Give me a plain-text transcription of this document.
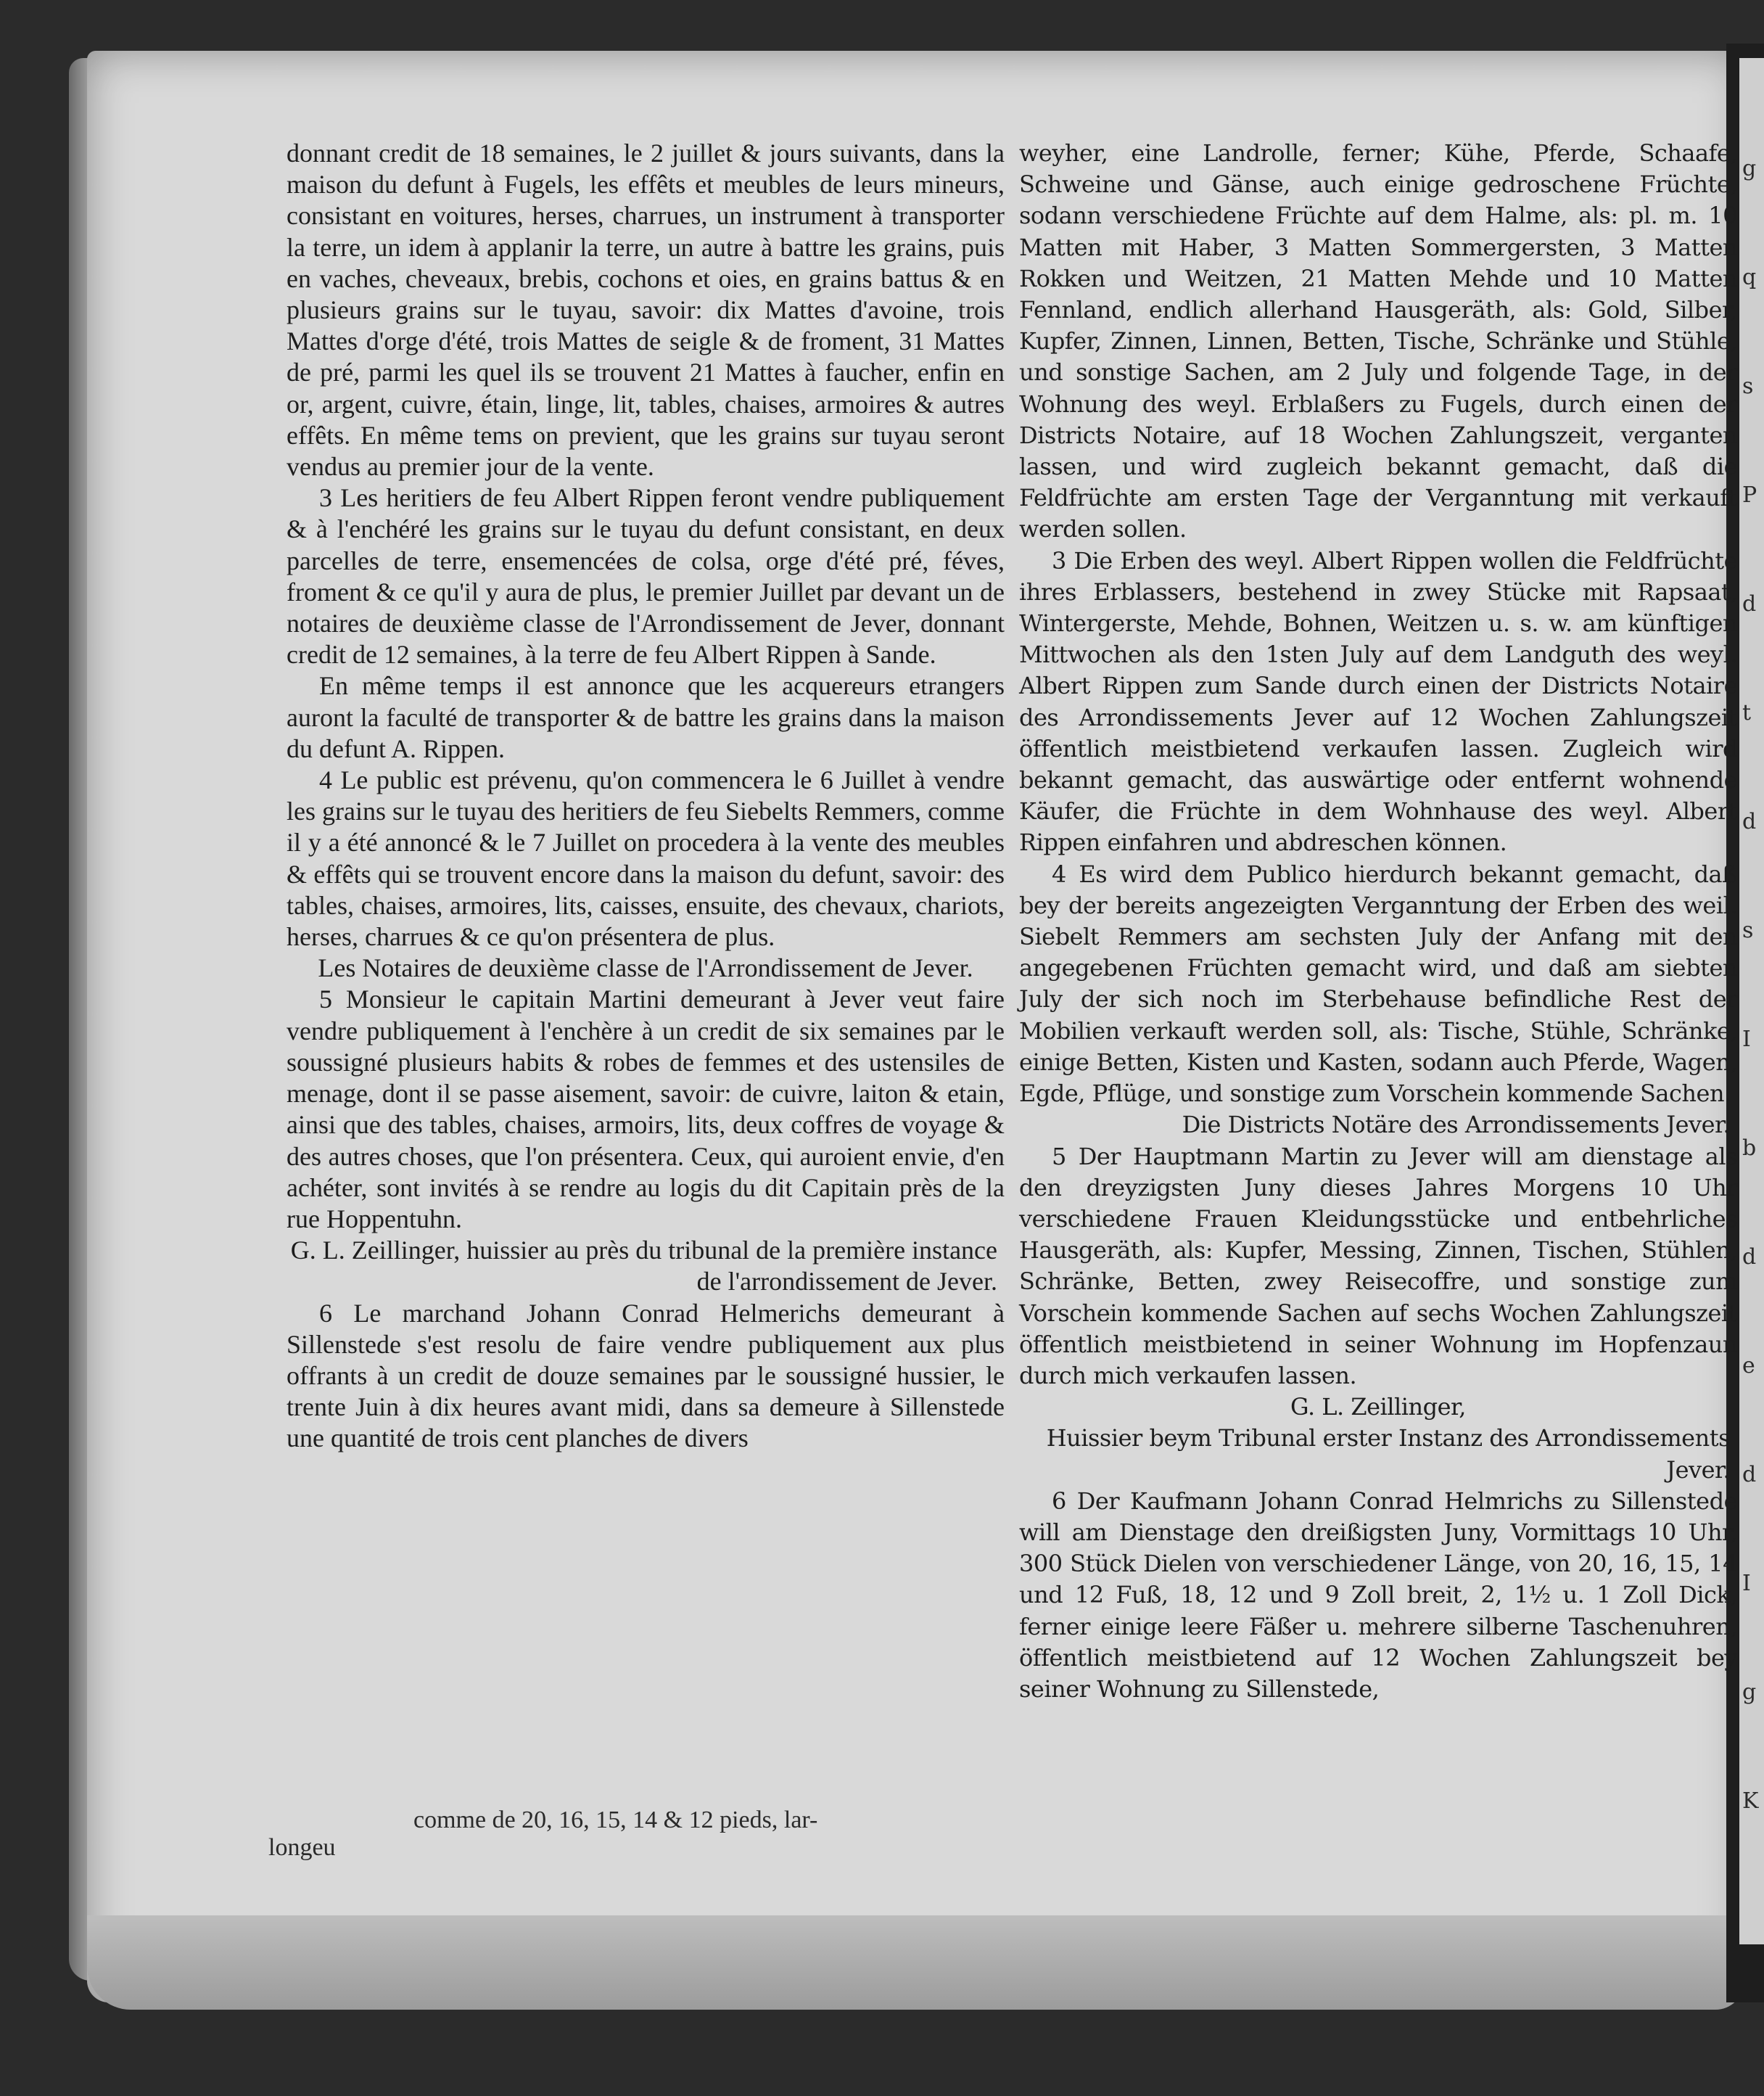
donnant credit de 18 semaines, le 2 juillet & jours suivants, dans la maison du defunt à Fugels, les effêts et meubles de leurs mineurs, consistant en voitures, herses, charrues, un instrument à transporter la terre, un idem à applanir la terre, un autre à battre les grains, puis en vaches, cheveaux, brebis, cochons et oies, en grains battus & en plusieurs grains sur le tuyau, savoir: dix Mattes d'avoine, trois Mattes d'orge d'été, trois Mattes de seigle & de froment, 31 Mattes de pré, parmi les quel ils se trouvent 21 Mattes à faucher, enfin en or, argent, cuivre, étain, linge, lit, tables, chaises, armoires & autres effêts. En même tems on previent, que les grains sur tuyau seront vendus au premier jour de la vente.

3 Les heritiers de feu Albert Rippen feront vendre publiquement & à l'enchéré les grains sur le tuyau du defunt consistant, en deux parcelles de terre, ensemencées de colsa, orge d'été pré, féves, froment & ce qu'il y aura de plus, le premier Juillet par devant un de notaires de deuxième classe de l'Arrondissement de Jever, donnant credit de 12 semaines, à la terre de feu Albert Rippen à Sande.

En même temps il est annonce que les acquereurs etrangers auront la faculté de transporter & de battre les grains dans la maison du defunt A. Rippen.

4 Le public est prévenu, qu'on commencera le 6 Juillet à vendre les grains sur le tuyau des heritiers de feu Siebelts Remmers, comme il y a été annoncé & le 7 Juillet on procedera à la vente des meubles & effêts qui se trouvent encore dans la maison du defunt, savoir: des tables, chaises, armoires, lits, caisses, ensuite, des chevaux, chariots, herses, charrues & ce qu'on présentera de plus.

Les Notaires de deuxième classe de l'Arrondissement de Jever.

5 Monsieur le capitain Martini demeurant à Jever veut faire vendre publiquement à l'enchère à un credit de six semaines par le soussigné plusieurs habits & robes de femmes et des ustensiles de menage, dont il se passe aisement, savoir: de cuivre, laiton & etain, ainsi que des tables, chaises, armoirs, lits, deux coffres de voyage & des autres choses, que l'on présentera. Ceux, qui auroient envie, d'en achéter, sont invités à se rendre au logis du dit Capitain près de la rue Hoppentuhn.

G. L. Zeillinger, huissier au près du tribunal de la première instance de l'arrondissement de Jever.

6 Le marchand Johann Conrad Helmerichs demeurant à Sillenstede s'est resolu de faire vendre publiquement aux plus offrants à un credit de douze semaines par le soussigné hussier, le trente Juin à dix heures avant midi, dans sa demeure à Sillenstede une quantité de trois cent planches de divers

comme de 20, 16, 15, 14 & 12 pieds, lar-
longeu

weyher, eine Landrolle, ferner; Kühe, Pferde, Schaafe, Schweine und Gänse, auch einige gedroschene Früchte, sodann verschiedene Früchte auf dem Halme, als: pl. m. 10 Matten mit Haber, 3 Matten Sommergersten, 3 Matten Rokken und Weitzen, 21 Matten Mehde und 10 Matten Fennland, endlich allerhand Hausgeräth, als: Gold, Silber, Kupfer, Zinnen, Linnen, Betten, Tische, Schränke und Stühle, und sonstige Sachen, am 2 July und folgende Tage, in der Wohnung des weyl. Erblaßers zu Fugels, durch einen der Districts Notaire, auf 18 Wochen Zahlungszeit, verganten lassen, und wird zugleich bekannt gemacht, daß die Feldfrüchte am ersten Tage der Verganntung mit verkauft werden sollen.

3 Die Erben des weyl. Albert Rippen wollen die Feldfrüchte ihres Erblassers, bestehend in zwey Stücke mit Rapsaat, Wintergerste, Mehde, Bohnen, Weitzen u. s. w. am künftigen Mittwochen als den 1sten July auf dem Landguth des weyl. Albert Rippen zum Sande durch einen der Districts Notaire des Arrondissements Jever auf 12 Wochen Zahlungszeit öffentlich meistbietend verkaufen lassen. Zugleich wird bekannt gemacht, das auswärtige oder entfernt wohnende Käufer, die Früchte in dem Wohnhause des weyl. Albert Rippen einfahren und abdreschen können.

4 Es wird dem Publico hierdurch bekannt gemacht, daß bey der bereits angezeigten Verganntung der Erben des weil. Siebelt Remmers am sechsten July der Anfang mit den angegebenen Früchten gemacht wird, und daß am siebten July der sich noch im Sterbehause befindliche Rest der Mobilien verkauft werden soll, als: Tische, Stühle, Schränke, einige Betten, Kisten und Kasten, sodann auch Pferde, Wagen, Egde, Pflüge, und sonstige zum Vorschein kommende Sachen.

Die Districts Notäre des Arrondissements Jever.

5 Der Hauptmann Martin zu Jever will am dienstage als den dreyzigsten Juny dieses Jahres Morgens 10 Uhr verschiedene Frauen Kleidungsstücke und entbehrliches Hausgeräth, als: Kupfer, Messing, Zinnen, Tischen, Stühlen, Schränke, Betten, zwey Reisecoffre, und sonstige zum Vorschein kommende Sachen auf sechs Wochen Zahlungszeit öffentlich meistbietend in seiner Wohnung im Hopfenzaun durch mich verkaufen lassen.

G. L. Zeillinger,

Huissier beym Tribunal erster Instanz des Arrondissements Jever.

6 Der Kaufmann Johann Conrad Helmrichs zu Sillenstede will am Dienstage den dreißigsten Juny, Vormittags 10 Uhr, 300 Stück Dielen von verschiedener Länge, von 20, 16, 15, 14 und 12 Fuß, 18, 12 und 9 Zoll breit, 2, 1½ u. 1 Zoll Dick, ferner einige leere Fäßer u. mehrere silberne Taschenuhren, öffentlich meistbietend auf 12 Wochen Zahlungszeit bey seiner Wohnung zu Sillenstede,

g
q
s
P
d
t
d
s
I
b
d
e
d
I
g
K
